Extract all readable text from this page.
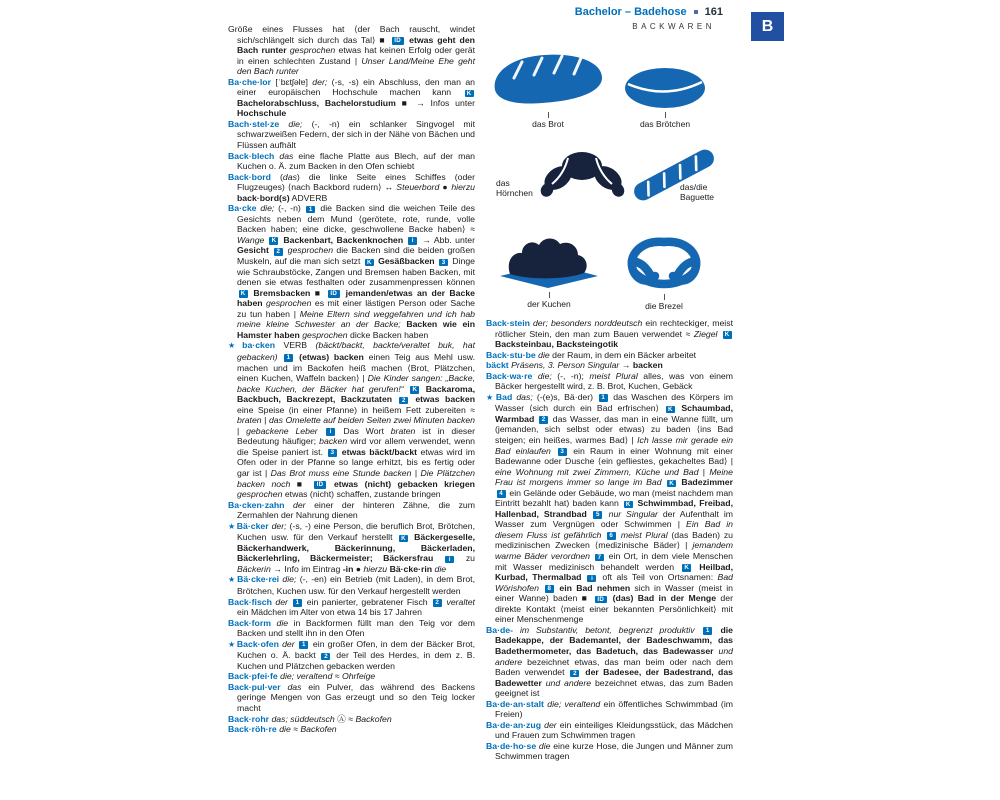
Bachelor – Badehose 161
B
BACKWAREN
das Brot	das Brötchen
das Hörnchen
das/die Baguette
der Kuchen	die Brezel
Größe eines Flusses hat ⟨der Bach rauscht, windet sich/schlängelt sich durch das Tal⟩ ■ ID etwas geht den Bach runter gesprochen etwas hat keinen Erfolg oder gerät in einen schlechten Zustand | Unser Land/Meine Ehe geht den Bach runter
Ba·che·lor [ˈbɛtʃəlɐ] der; (-s, -s) ein Abschluss, den man an einer europäischen Hochschule machen kann K Bachelorabschluss, Bachelorstudium ■ → Infos unter Hochschule
Bach·stel·ze die; (-, -n) ein schlanker Singvogel mit schwarzweißen Federn, der sich in der Nähe von Bächen und Flüssen aufhält
Back·blech das eine flache Platte aus Blech, auf der man Kuchen o. Ä. zum Backen in den Ofen schiebt
Back·bord (das) die linke Seite eines Schiffes (oder Flugzeuges) ⟨nach Backbord rudern⟩ ↔ Steuerbord ● hierzu back·bord(s) ADVERB
Ba·cke die; (-, -n) 1 die Backen sind die weichen Teile des Gesichts neben dem Mund ⟨gerötete, rote, runde, volle Backen haben; eine dicke, geschwollene Backe haben⟩ ≈ Wange K Backenbart, Backenknochen i → Abb. unter Gesicht 2 gesprochen die Backen sind die beiden großen Muskeln, auf die man sich setzt K Gesäßbacken 3 Dinge wie Schraubstöcke, Zangen und Bremsen haben Backen, mit denen sie etwas festhalten oder zusammenpressen können K Bremsbacken ■ ID jemanden/etwas an der Backe haben gesprochen es mit einer lästigen Person oder Sache zu tun haben | Meine Eltern sind weggefahren und ich hab meine kleine Schwester an der Backe; Backen wie ein Hamster haben gesprochen dicke Backen haben
★ba·cken VERB (bäckt/backt, backte/veraltet buk, hat gebacken) 1 (etwas) backen einen Teig aus Mehl usw. machen und im Backofen heiß machen ⟨Brot, Plätzchen, einen Kuchen, Waffeln backen⟩ | Die Kinder sangen: „Backe, backe Kuchen, der Bäcker hat gerufen!“ K Backaroma, Backbuch, Backrezept, Backzutaten 2 etwas backen eine Speise (in einer Pfanne) in heißem Fett zubereiten ≈ braten | das Omelette auf beiden Seiten zwei Minuten backen | gebackene Leber i Das Wort braten ist in dieser Bedeutung häufiger; backen wird vor allem verwendet, wenn die Speise paniert ist. 3 etwas bäckt/backt etwas wird im Ofen oder in der Pfanne so lange erhitzt, bis es fertig oder gar ist | Das Brot muss eine Stunde backen | Die Plätzchen backen noch ■ ID etwas (nicht) gebacken kriegen gesprochen etwas (nicht) schaffen, zustande bringen
Ba·cken·zahn der einer der hinteren Zähne, die zum Zermahlen der Nahrung dienen
★Bä·cker der; (-s, -) eine Person, die beruflich Brot, Brötchen, Kuchen usw. für den Verkauf herstellt K Bäckergeselle, Bäckerhandwerk, Bäckerinnung, Bäckerladen, Bäckerlehrling, Bäckermeister; Bäckersfrau i zu Bäckerin → Info im Eintrag -in ● hierzu Bä·cke·rin die
★Bä·cke·rei die; (-, -en) ein Betrieb (mit Laden), in dem Brot, Brötchen, Kuchen usw. für den Verkauf hergestellt werden
Back·fisch der 1 ein panierter, gebratener Fisch 2 veraltet ein Mädchen im Alter von etwa 14 bis 17 Jahren
Back·form die in Backformen füllt man den Teig vor dem Backen und stellt ihn in den Ofen
★Back·ofen der 1 ein großer Ofen, in dem der Bäcker Brot, Kuchen o. Ä. backt 2 der Teil des Herdes, in dem z. B. Kuchen und Plätzchen gebacken werden
Back·pfei·fe die; veraltend ≈ Ohrfeige
Back·pul·ver das ein Pulver, das während des Backens geringe Mengen von Gas erzeugt und so den Teig locker macht
Back·rohr das; süddeutsch Ⓐ ≈ Backofen
Back·röh·re die ≈ Backofen
Back·stein der; besonders norddeutsch ein rechteckiger, meist rötlicher Stein, den man zum Bauen verwendet ≈ Ziegel K Backsteinbau, Backsteingotik
Back·stu·be die der Raum, in dem ein Bäcker arbeitet
bäckt Präsens, 3. Person Singular → backen
Back·wa·re die; (-, -n); meist Plural alles, was von einem Bäcker hergestellt wird, z. B. Brot, Kuchen, Gebäck
★Bad das; (-(e)s, Bä·der) 1 das Waschen des Körpers im Wasser ⟨sich durch ein Bad erfrischen⟩ K Schaumbad, Warmbad 2 das Wasser, das man in eine Wanne füllt, um (jemanden, sich selbst oder etwas) zu baden ⟨ins Bad steigen; ein heißes, warmes Bad⟩ | Ich lasse mir gerade ein Bad einlaufen 3 ein Raum in einer Wohnung mit einer Badewanne oder Dusche ⟨ein gefliestes, gekacheltes Bad⟩ | eine Wohnung mit zwei Zimmern, Küche und Bad | Meine Frau ist morgens immer so lange im Bad K Badezimmer 4 ein Gelände oder Gebäude, wo man (meist nachdem man Eintritt bezahlt hat) baden kann K Schwimmbad, Freibad, Hallenbad, Strandbad 5 nur Singular der Aufenthalt im Wasser zum Vergnügen oder Schwimmen | Ein Bad in diesem Fluss ist gefährlich 6 meist Plural (das Baden) zu medizinischen Zwecken ⟨medizinische Bäder⟩ | jemandem warme Bäder verordnen 7 ein Ort, in dem viele Menschen mit Wasser medizinisch behandelt werden K Heilbad, Kurbad, Thermalbad i oft als Teil von Ortsnamen: Bad Wörishofen 8 ein Bad nehmen sich in Wasser (meist in einer Wanne) baden ■ ID (das) Bad in der Menge der direkte Kontakt ⟨meist einer bekannten Persönlichkeit⟩ mit einer Menschenmenge
Ba·de- im Substantiv, betont, begrenzt produktiv 1 die Badekappe, der Bademantel, der Badeschwamm, das Badethermometer, das Badetuch, das Badewasser und andere bezeichnet etwas, das man beim oder nach dem Baden verwendet 2 der Badesee, der Badestrand, das Badewetter und andere bezeichnet etwas, das zum Baden geeignet ist
Ba·de·an·stalt die; veraltend ein öffentliches Schwimmbad (im Freien)
Ba·de·an·zug der ein einteiliges Kleidungsstück, das Mädchen und Frauen zum Schwimmen tragen
Ba·de·ho·se die eine kurze Hose, die Jungen und Männer zum Schwimmen tragen
